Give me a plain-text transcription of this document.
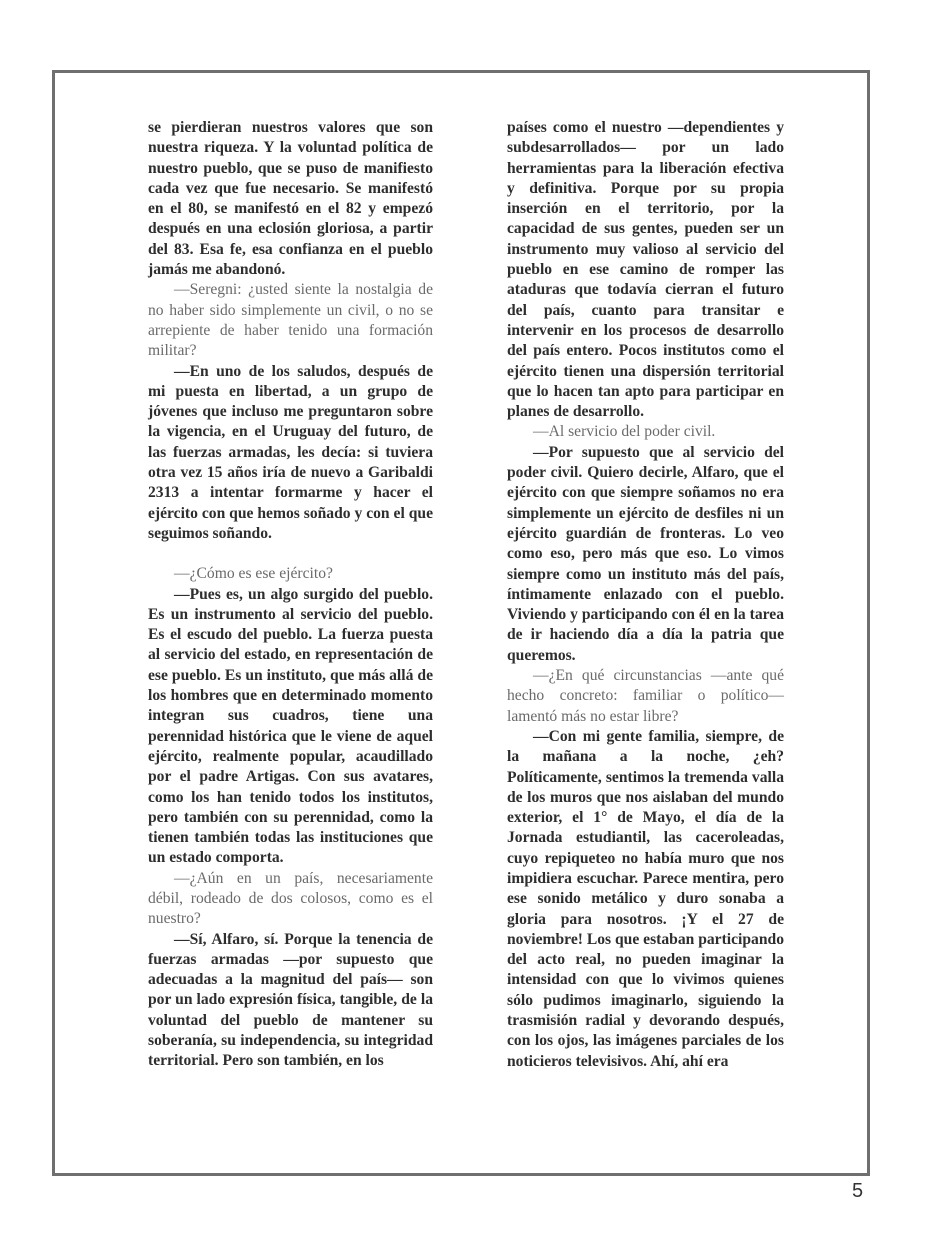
se pierdieran nuestros valores que son nuestra riqueza. Y la voluntad política de nuestro pueblo, que se puso de manifiesto cada vez que fue necesario. Se manifestó en el 80, se manifestó en el 82 y empezó después en una eclosión gloriosa, a partir del 83. Esa fe, esa confianza en el pueblo jamás me abandonó.

—Seregni: ¿usted siente la nostalgia de no haber sido simplemente un civil, o no se arrepiente de haber tenido una formación militar?

—En uno de los saludos, después de mi puesta en libertad, a un grupo de jóvenes que incluso me preguntaron sobre la vigencia, en el Uruguay del futuro, de las fuerzas armadas, les decía: si tuviera otra vez 15 años iría de nuevo a Garibaldi 2313 a intentar formarme y hacer el ejército con que hemos soñado y con el que seguimos soñando.

—¿Cómo es ese ejército?

—Pues es, un algo surgido del pueblo. Es un instrumento al servicio del pueblo. Es el escudo del pueblo. La fuerza puesta al servicio del estado, en representación de ese pueblo. Es un instituto, que más allá de los hombres que en determinado momento integran sus cuadros, tiene una perennidad histórica que le viene de aquel ejército, realmente popular, acaudillado por el padre Artigas. Con sus avatares, como los han tenido todos los institutos, pero también con su perennidad, como la tienen también todas las instituciones que un estado comporta.

—¿Aún en un país, necesariamente débil, rodeado de dos colosos, como es el nuestro?

—Sí, Alfaro, sí. Porque la tenencia de fuerzas armadas —por supuesto que adecuadas a la magnitud del país— son por un lado expresión física, tangible, de la voluntad del pueblo de mantener su soberanía, su independencia, su integridad territorial. Pero son también, en los

países como el nuestro —dependientes y subdesarrollados— por un lado herramientas para la liberación efectiva y definitiva. Porque por su propia inserción en el territorio, por la capacidad de sus gentes, pueden ser un instrumento muy valioso al servicio del pueblo en ese camino de romper las ataduras que todavía cierran el futuro del país, cuanto para transitar e intervenir en los procesos de desarrollo del país entero. Pocos institutos como el ejército tienen una dispersión territorial que lo hacen tan apto para participar en planes de desarrollo.

—Al servicio del poder civil.

—Por supuesto que al servicio del poder civil. Quiero decirle, Alfaro, que el ejército con que siempre soñamos no era simplemente un ejército de desfiles ni un ejército guardián de fronteras. Lo veo como eso, pero más que eso. Lo vimos siempre como un instituto más del país, íntimamente enlazado con el pueblo. Viviendo y participando con él en la tarea de ir haciendo día a día la patria que queremos.

—¿En qué circunstancias —ante qué hecho concreto: familiar o político— lamentó más no estar libre?

—Con mi gente familia, siempre, de la mañana a la noche, ¿eh? Políticamente, sentimos la tremenda valla de los muros que nos aislaban del mundo exterior, el 1° de Mayo, el día de la Jornada estudiantil, las caceroleadas, cuyo repiqueteo no había muro que nos impidiera escuchar. Parece mentira, pero ese sonido metálico y duro sonaba a gloria para nosotros. ¡Y el 27 de noviembre! Los que estaban participando del acto real, no pueden imaginar la intensidad con que lo vivimos quienes sólo pudimos imaginarlo, siguiendo la trasmisión radial y devorando después, con los ojos, las imágenes parciales de los noticieros televisivos. Ahí, ahí era

5
